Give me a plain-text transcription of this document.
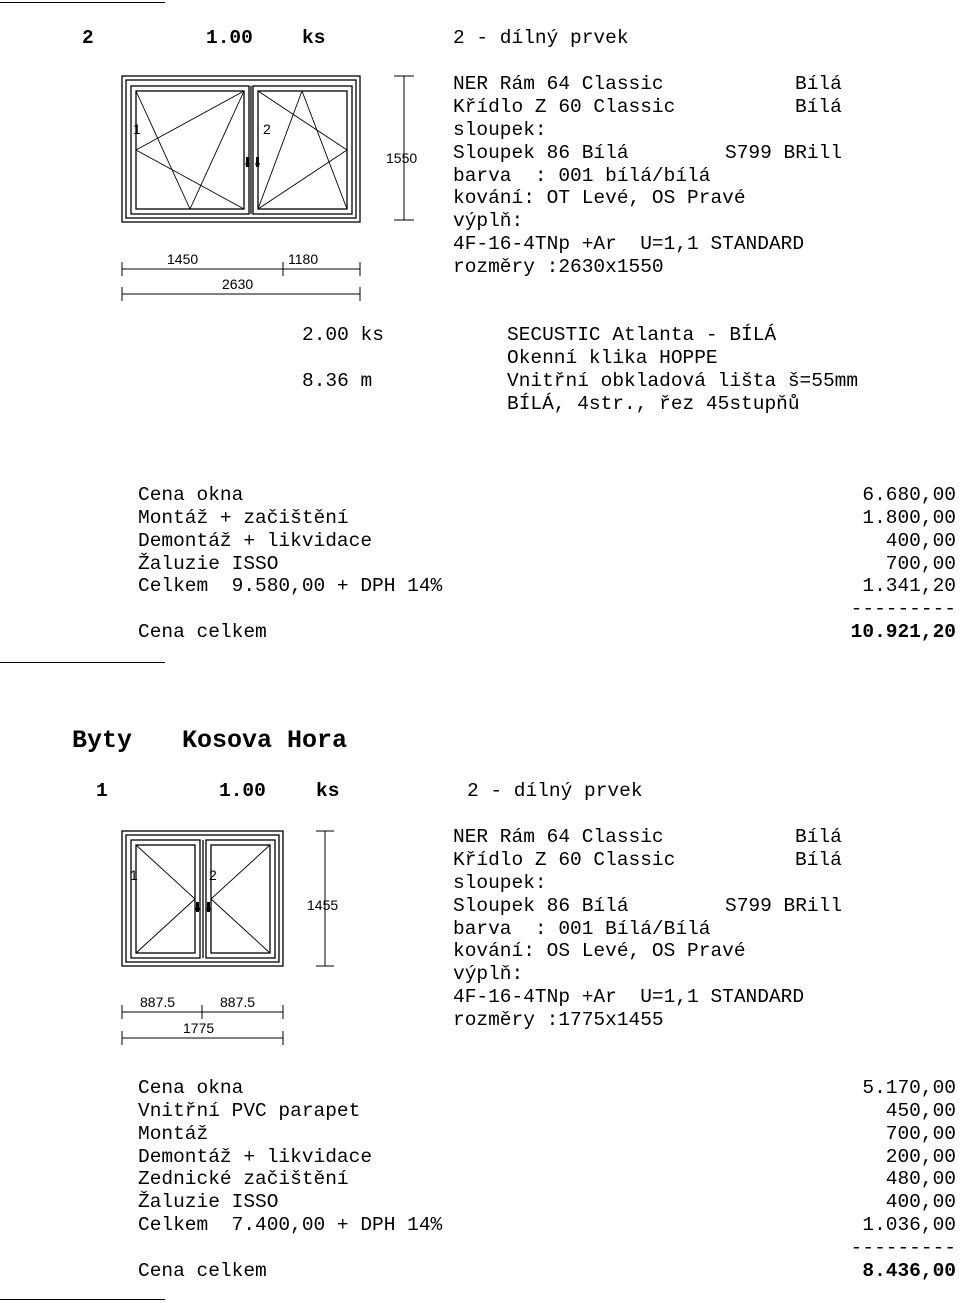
2	1.00	ks	2 - dílný prvek
1	2
1550
1450	1180
2630
NER Rám 64 Classic	Bílá
Křídlo Z 60 Classic	Bílá
sloupek:
Sloupek 86 Bílá	S799 BRill
barva  : 001 bílá/bílá
kování: OT Levé, OS Pravé
výplň:
4F-16-4TNp +Ar  U=1,1 STANDARD
rozměry :2630x1550
2.00 ks	SECUSTIC Atlanta - BÍLÁ
Okenní klika HOPPE
8.36 m	Vnitřní obkladová lišta š=55mm
BÍLÁ, 4str., řez 45stupňů
Cena okna	6.680,00
Montáž + začištění	1.800,00
Demontáž + likvidace	400,00
Žaluzie ISSO	700,00
Celkem  9.580,00 + DPH 14%	1.341,20
---------
Cena celkem	10.921,20
Byty Kosova Hora
1	1.00	ks	2 - dílný prvek
1	2
1455
887.5	887.5
1775
NER Rám 64 Classic	Bílá
Křídlo Z 60 Classic	Bílá
sloupek:
Sloupek 86 Bílá	S799 BRill
barva  : 001 Bílá/Bílá
kování: OS Levé, OS Pravé
výplň:
4F-16-4TNp +Ar  U=1,1 STANDARD
rozměry :1775x1455
Cena okna	5.170,00
Vnitřní PVC parapet	450,00
Montáž	700,00
Demontáž + likvidace	200,00
Zednické začištění	480,00
Žaluzie ISSO	400,00
Celkem  7.400,00 + DPH 14%	1.036,00
---------
Cena celkem	8.436,00
